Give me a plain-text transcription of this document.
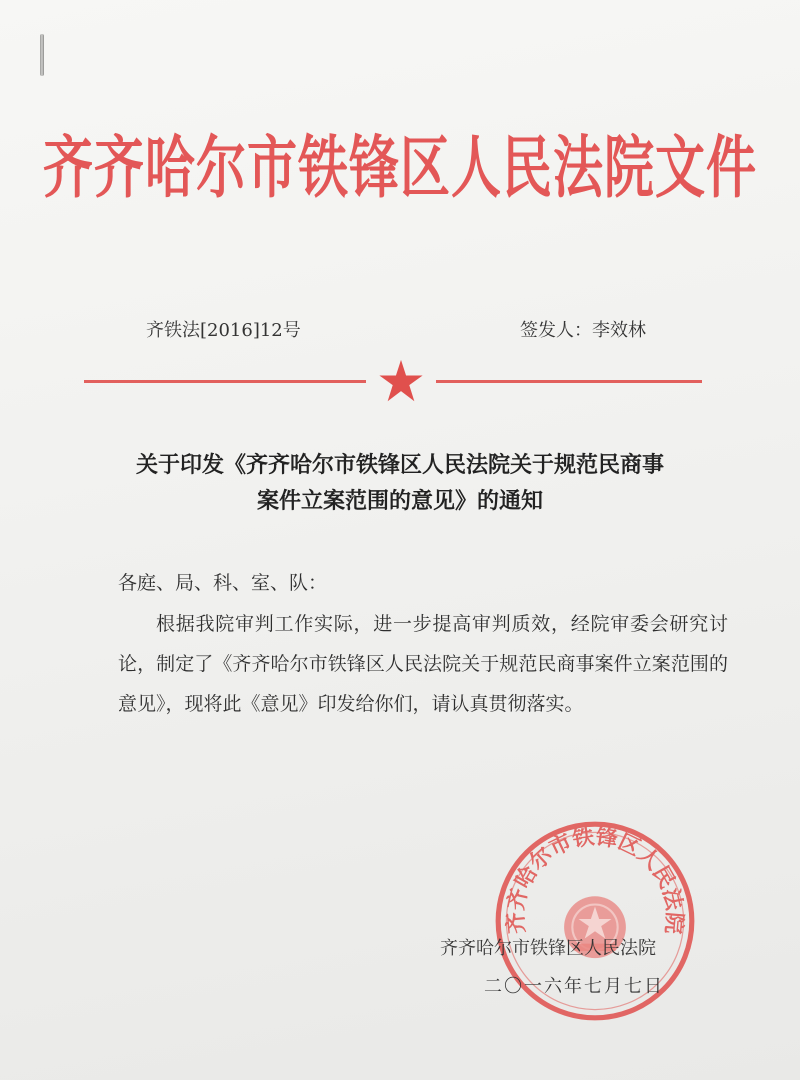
齐齐哈尔市铁锋区人民法院文件
齐铁法[2016]12号	签发人：李效林
关于印发《齐齐哈尔市铁锋区人民法院关于规范民商事
案件立案范围的意见》的通知
各庭、局、科、室、队：
根据我院审判工作实际，进一步提高审判质效，经院审委会研究讨论，制定了《齐齐哈尔市铁锋区人民法院关于规范民商事案件立案范围的意见》，现将此《意见》印发给你们，请认真贯彻落实。
齐齐哈尔市铁锋区人民法院
齐齐哈尔市铁锋区人民法院
二〇一六年七月七日
